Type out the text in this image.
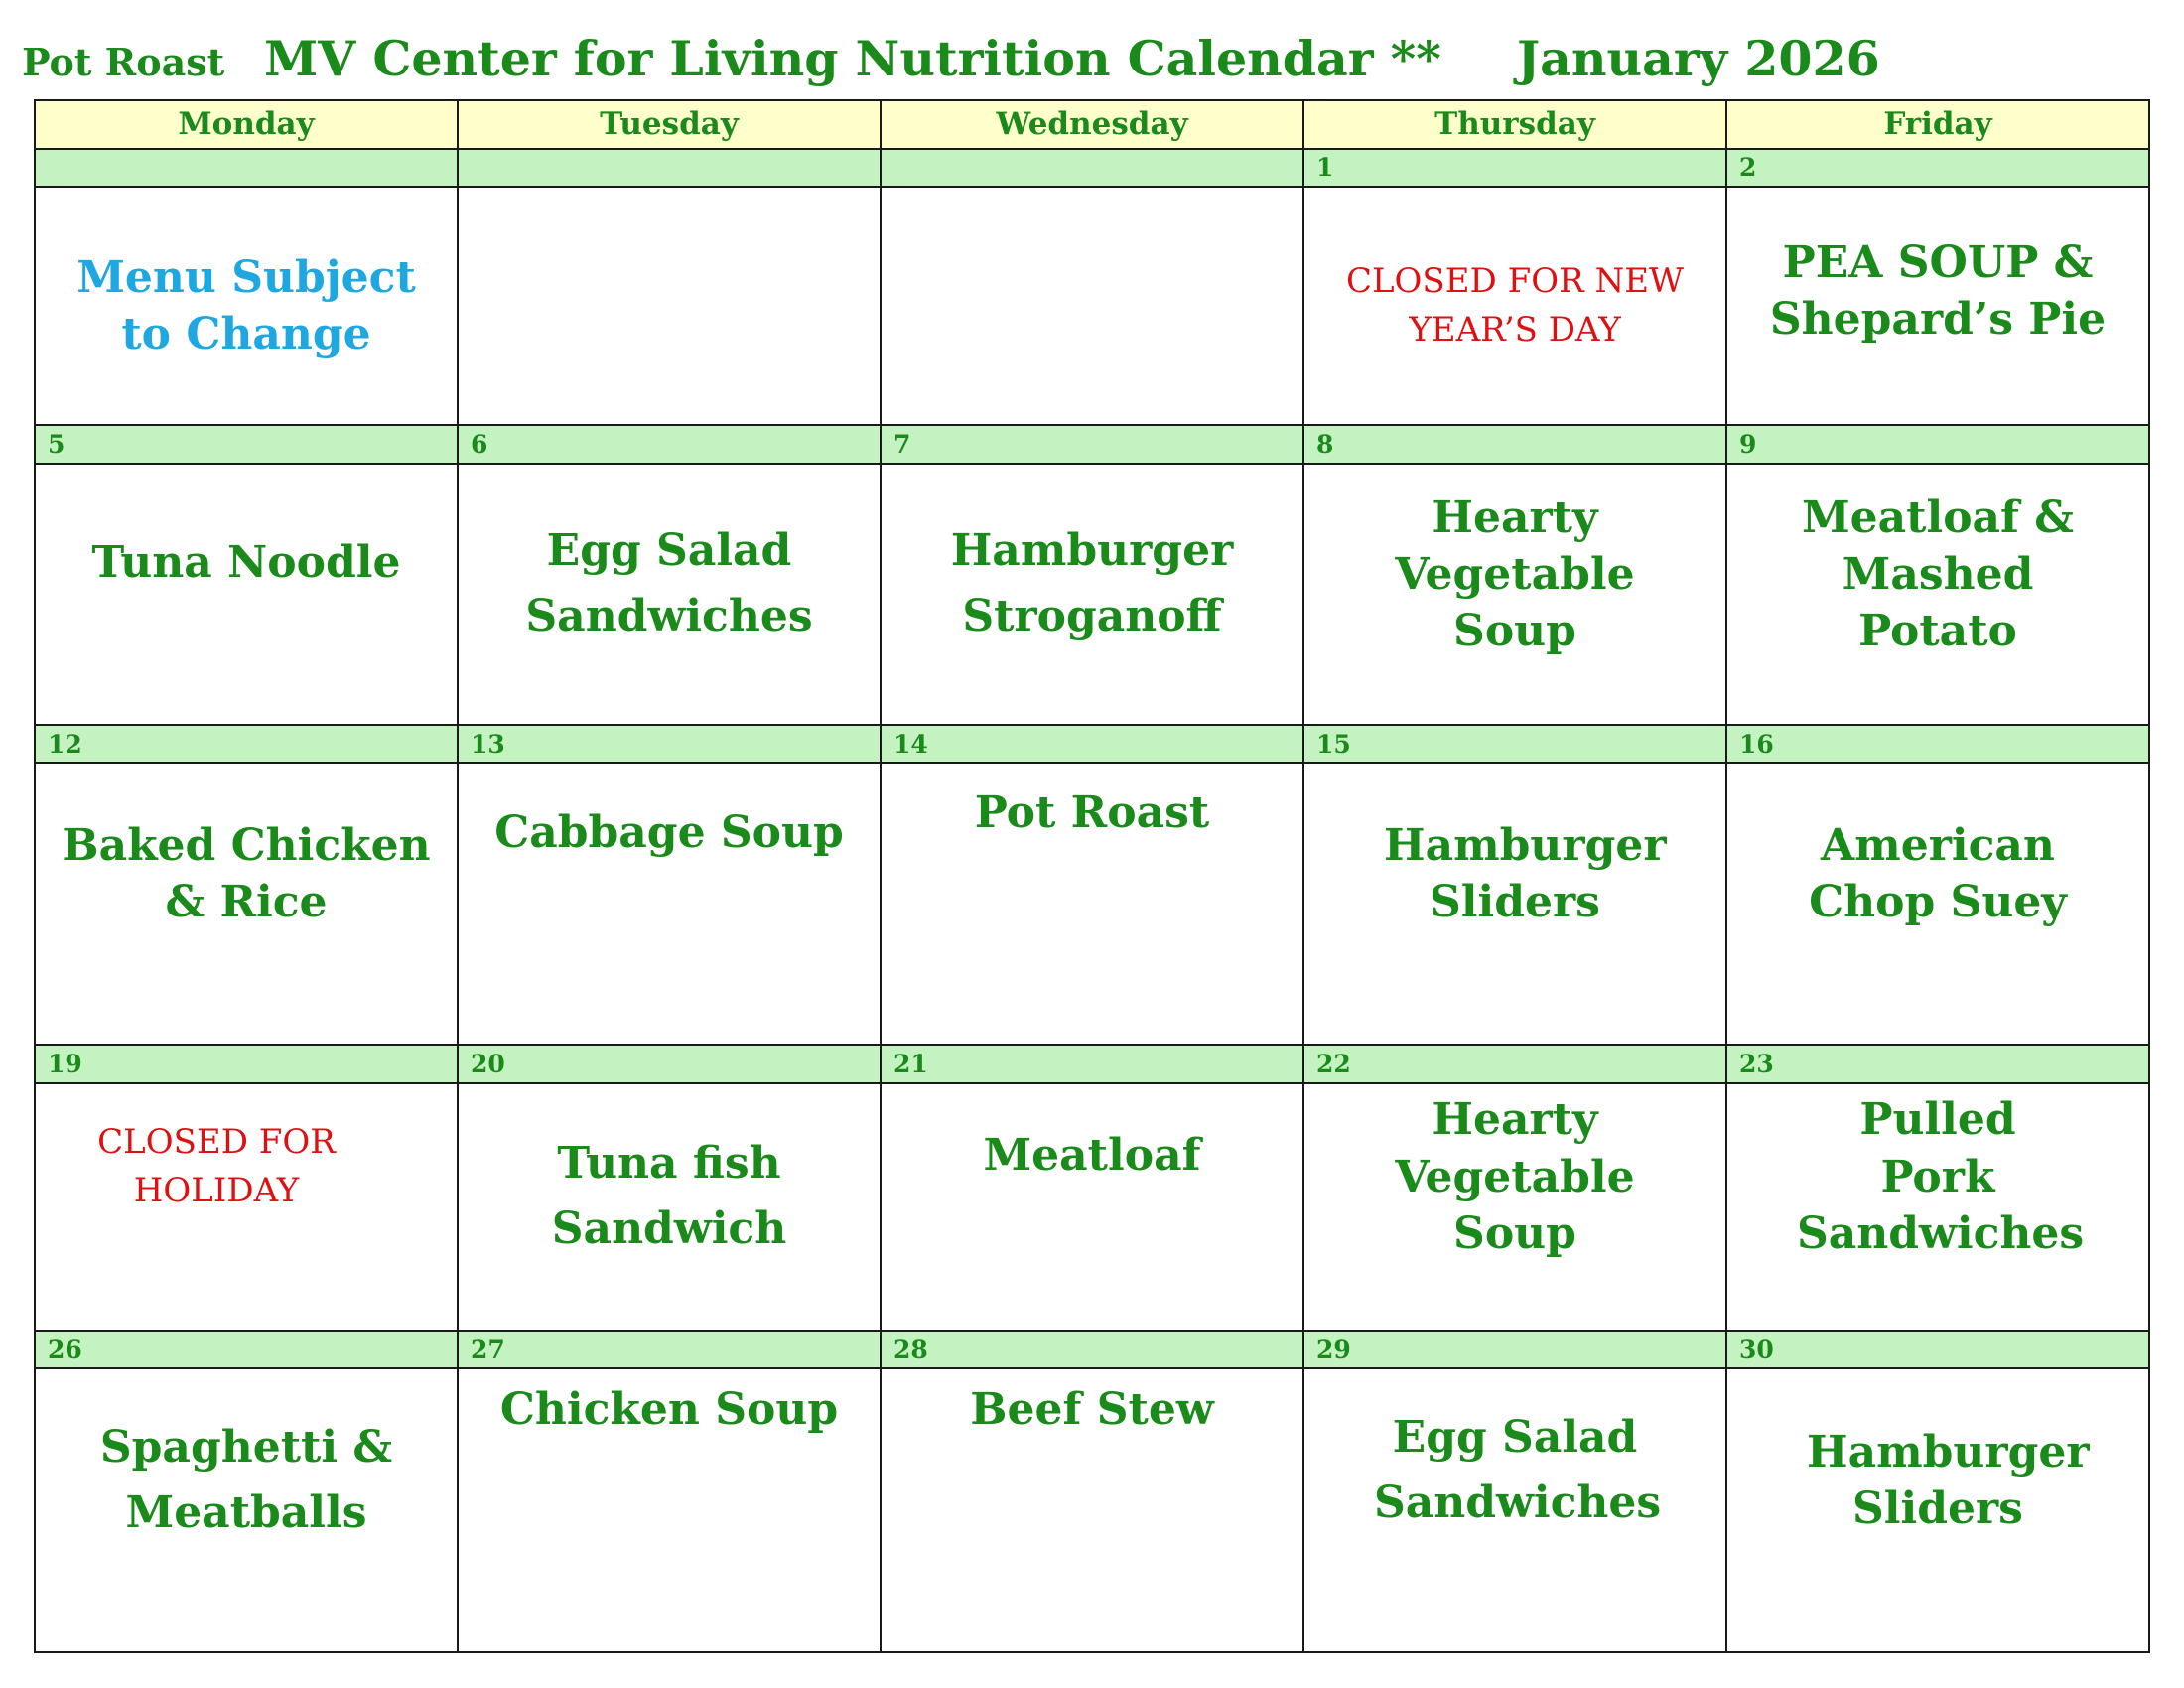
Pot Roast MV Center for Living Nutrition Calendar ** January 2026
Monday	Tuesday	Wednesday	Thursday	Friday
			1	2

Menu Subject to Change			CLOSED FOR NEW YEAR’S DAY	PEA SOUP & Shepard’s Pie

5	6	7	8	9

Tuna Noodle	Egg Salad Sandwiches	Hamburger Stroganoff	Hearty Vegetable Soup	Meatloaf & Mashed Potato

12	13	14	15	16

Baked Chicken & Rice	Cabbage Soup	Pot Roast	Hamburger Sliders	American Chop Suey

19	20	21	22	23

CLOSED FOR HOLIDAY	Tuna fish Sandwich	Meatloaf	Hearty Vegetable Soup	Pulled Pork Sandwiches

26	27	28	29	30

Spaghetti & Meatballs	Chicken Soup	Beef Stew	Egg Salad Sandwiches	Hamburger Sliders
